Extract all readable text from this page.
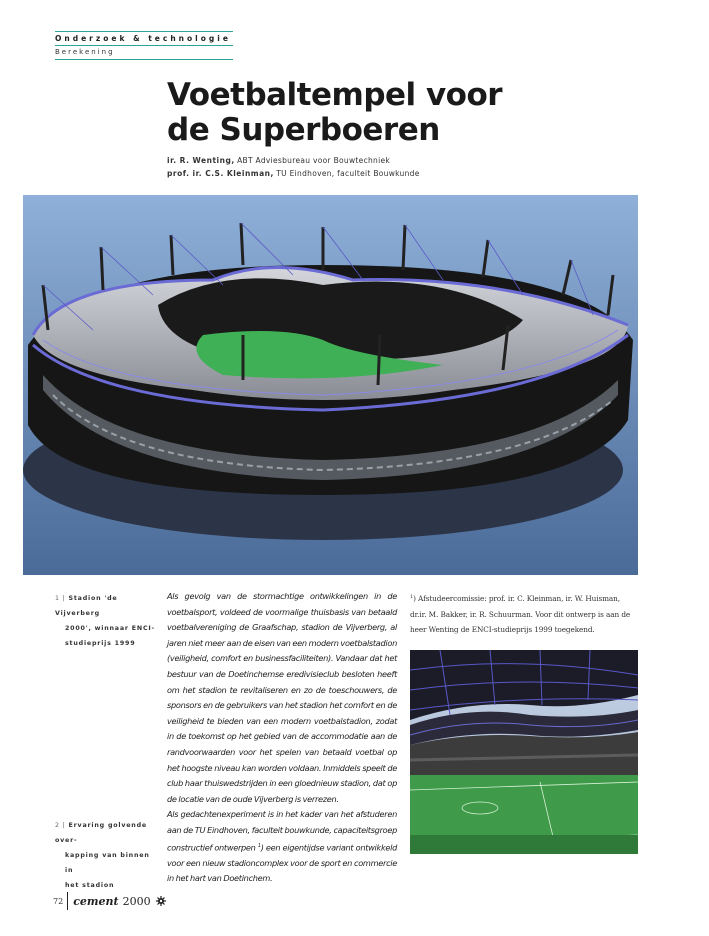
Onderzoek & technologie
Berekening
Voetbaltempel voor
de Superboeren
ir. R. Wenting, ABT Adviesbureau voor Bouwtechniek
prof. ir. C.S. Kleinman, TU Eindhoven, faculteit Bouwkunde
1 | Stadion 'de Vijverberg
2000', winnaar ENCI-
studieprijs 1999
2 | Ervaring golvende over-
kapping van binnen in
het stadion

Als gevolg van de stormachtige ontwikkelingen in de voetbalsport, voldeed de voormalige thuisbasis van betaald voetbalvereniging de Graafschap, stadion de Vijverberg, al jaren niet meer aan de eisen van een modern voetbalstadion (veiligheid, comfort en businessfaciliteiten). Vandaar dat het bestuur van de Doetinchemse eredivisieclub besloten heeft om het stadion te revitaliseren en zo de toeschouwers, de sponsors en de gebruikers van het stadion het comfort en de veiligheid te bieden van een modern voetbalstadion, zodat in de toekomst op het gebied van de accommodatie aan de randvoorwaarden voor het spelen van betaald voetbal op het hoogste niveau kan worden voldaan. Inmiddels speelt de club haar thuiswedstrijden in een gloednieuw stadion, dat op de locatie van de oude Vijverberg is verrezen.

Als gedachtenexperiment is in het kader van het afstuderen aan de TU Eindhoven, faculteit bouwkunde, capaciteitsgroep constructief ontwerpen $^1$) een eigentijdse variant ontwikkeld voor een nieuw stadioncomplex voor de sport en commercie in het hart van Doetinchem.

$^1$) Afstudeercomissie: prof. ir. C. Kleinman, ir. W. Huisman, dr.ir. M. Bakker, ir. R. Schuurman. Voor dit ontwerp is aan de heer Wenting de ENCI-studieprijs 1999 toegekend.
72 cement 2000
